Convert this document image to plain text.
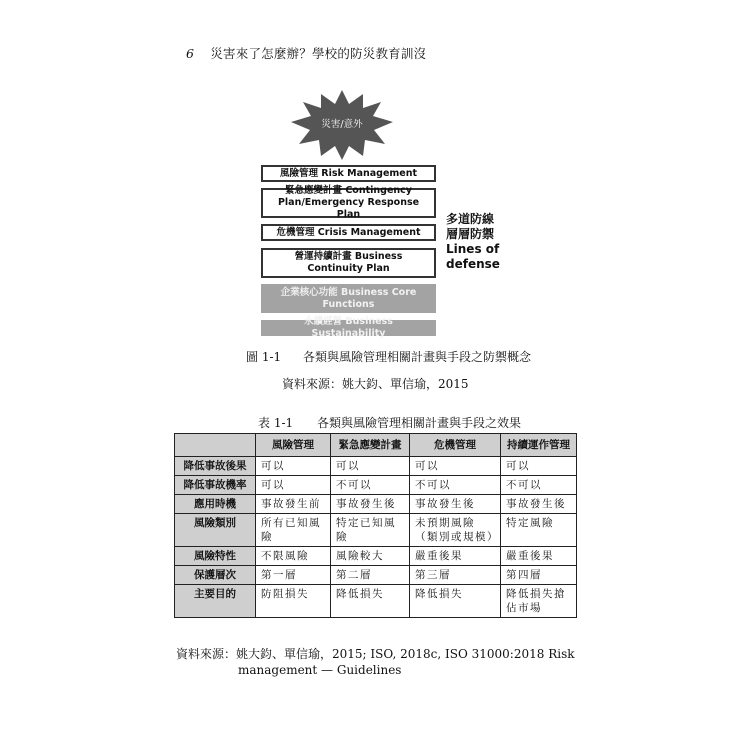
6 災害來了怎麼辦？學校的防災教育訓沒
災害/意外
風險管理 Risk Management
緊急應變計畫 Contingency Plan/Emergency Response Plan
危機管理 Crisis Management
營運持續計畫 Business Continuity Plan
企業核心功能 Business Core Functions
永續經營 Business Sustainability
多道防線
層層防禦
Lines of
defense
圖 1-1 各類與風險管理相關計畫與手段之防禦概念
資料來源：姚大鈞、單信瑜，2015
表 1-1 各類與風險管理相關計畫與手段之效果
	風險管理	緊急應變計畫	危機管理	持續運作管理
降低事故後果	可以	可以	可以	可以
降低事故機率	可以	不可以	不可以	不可以
應用時機	事故發生前	事故發生後	事故發生後	事故發生後
風險類別	所有已知風險	特定已知風險	未預期風險（類別或規模）	特定風險
風險特性	不限風險	風險較大	嚴重後果	嚴重後果
保護層次	第一層	第二層	第三層	第四層
主要目的	防阻損失	降低損失	降低損失	降低損失搶佔市場
資料來源：姚大鈞、單信瑜，2015; ISO, 2018c, ISO 31000:2018 Risk
management — Guidelines
